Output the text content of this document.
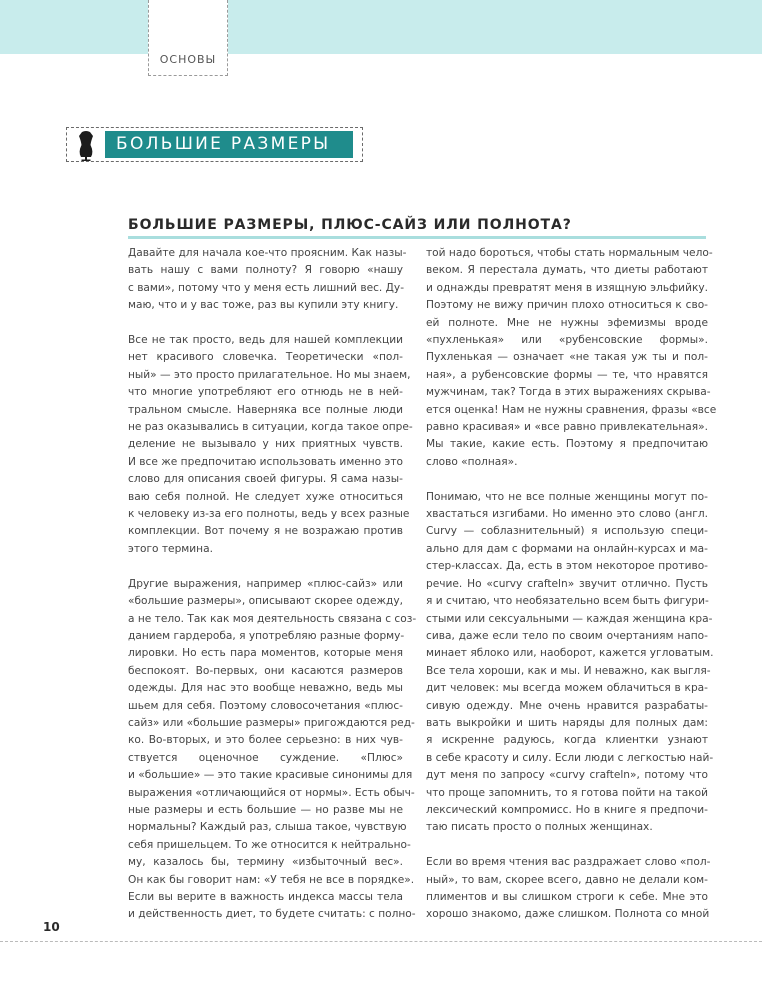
ОСНОВЫ
БОЛЬШИЕ РАЗМЕРЫ
БОЛЬШИЕ РАЗМЕРЫ, ПЛЮС-САЙЗ ИЛИ ПОЛНОТА?
Давайте для начала кое-что проясним. Как назы-
вать нашу с вами полноту? Я говорю «нашу
с вами», потому что у меня есть лишний вес. Ду-
маю, что и у вас тоже, раз вы купили эту книгу.
Все не так просто, ведь для нашей комплекции
нет красивого словечка. Теоретически «пол-
ный» — это просто прилагательное. Но мы знаем,
что многие употребляют его отнюдь не в ней-
тральном смысле. Наверняка все полные люди
не раз оказывались в ситуации, когда такое опре-
деление не вызывало у них приятных чувств.
И все же предпочитаю использовать именно это
слово для описания своей фигуры. Я сама назы-
ваю себя полной. Не следует хуже относиться
к человеку из-за его полноты, ведь у всех разные
комплекции. Вот почему я не возражаю против
этого термина.
Другие выражения, например «плюс-сайз» или
«большие размеры», описывают скорее одежду,
а не тело. Так как моя деятельность связана с соз-
данием гардероба, я употребляю разные форму-
лировки. Но есть пара моментов, которые меня
беспокоят. Во-первых, они касаются размеров
одежды. Для нас это вообще неважно, ведь мы
шьем для себя. Поэтому словосочетания «плюс-
сайз» или «большие размеры» пригождаются ред-
ко. Во-вторых, и это более серьезно: в них чув-
ствуется оценочное суждение. «Плюс»
и «большие» — это такие красивые синонимы для
выражения «отличающийся от нормы». Есть обыч-
ные размеры и есть большие — но разве мы не
нормальны? Каждый раз, слыша такое, чувствую
себя пришельцем. То же относится к нейтрально-
му, казалось бы, термину «избыточный вес».
Он как бы говорит нам: «У тебя не все в порядке».
Если вы верите в важность индекса массы тела
и действенность диет, то будете считать: с полно-
той надо бороться, чтобы стать нормальным чело-
веком. Я перестала думать, что диеты работают
и однажды превратят меня в изящную эльфийку.
Поэтому не вижу причин плохо относиться к сво-
ей полноте. Мне не нужны эфемизмы вроде
«пухленькая» или «рубенсовские формы».
Пухленькая — означает «не такая уж ты и пол-
ная», а рубенсовские формы — те, что нравятся
мужчинам, так? Тогда в этих выражениях скрыва-
ется оценка! Нам не нужны сравнения, фразы «все
равно красивая» и «все равно привлекательная».
Мы такие, какие есть. Поэтому я предпочитаю
слово «полная».
Понимаю, что не все полные женщины могут по-
хвастаться изгибами. Но именно это слово (англ.
Curvy — соблазнительный) я использую специ-
ально для дам с формами на онлайн-курсах и ма-
стер-классах. Да, есть в этом некоторое противо-
речие. Но «curvy crafteln» звучит отлично. Пусть
я и считаю, что необязательно всем быть фигури-
стыми или сексуальными — каждая женщина кра-
сива, даже если тело по своим очертаниям напо-
минает яблоко или, наоборот, кажется угловатым.
Все тела хороши, как и мы. И неважно, как выгля-
дит человек: мы всегда можем облачиться в кра-
сивую одежду. Мне очень нравится разрабаты-
вать выкройки и шить наряды для полных дам:
я искренне радуюсь, когда клиентки узнают
в себе красоту и силу. Если люди с легкостью най-
дут меня по запросу «curvy crafteln», потому что
что проще запомнить, то я готова пойти на такой
лексический компромисс. Но в книге я предпочи-
таю писать просто о полных женщинах.
Если во время чтения вас раздражает слово «пол-
ный», то вам, скорее всего, давно не делали ком-
плиментов и вы слишком строги к себе. Мне это
хорошо знакомо, даже слишком. Полнота со мной
10
